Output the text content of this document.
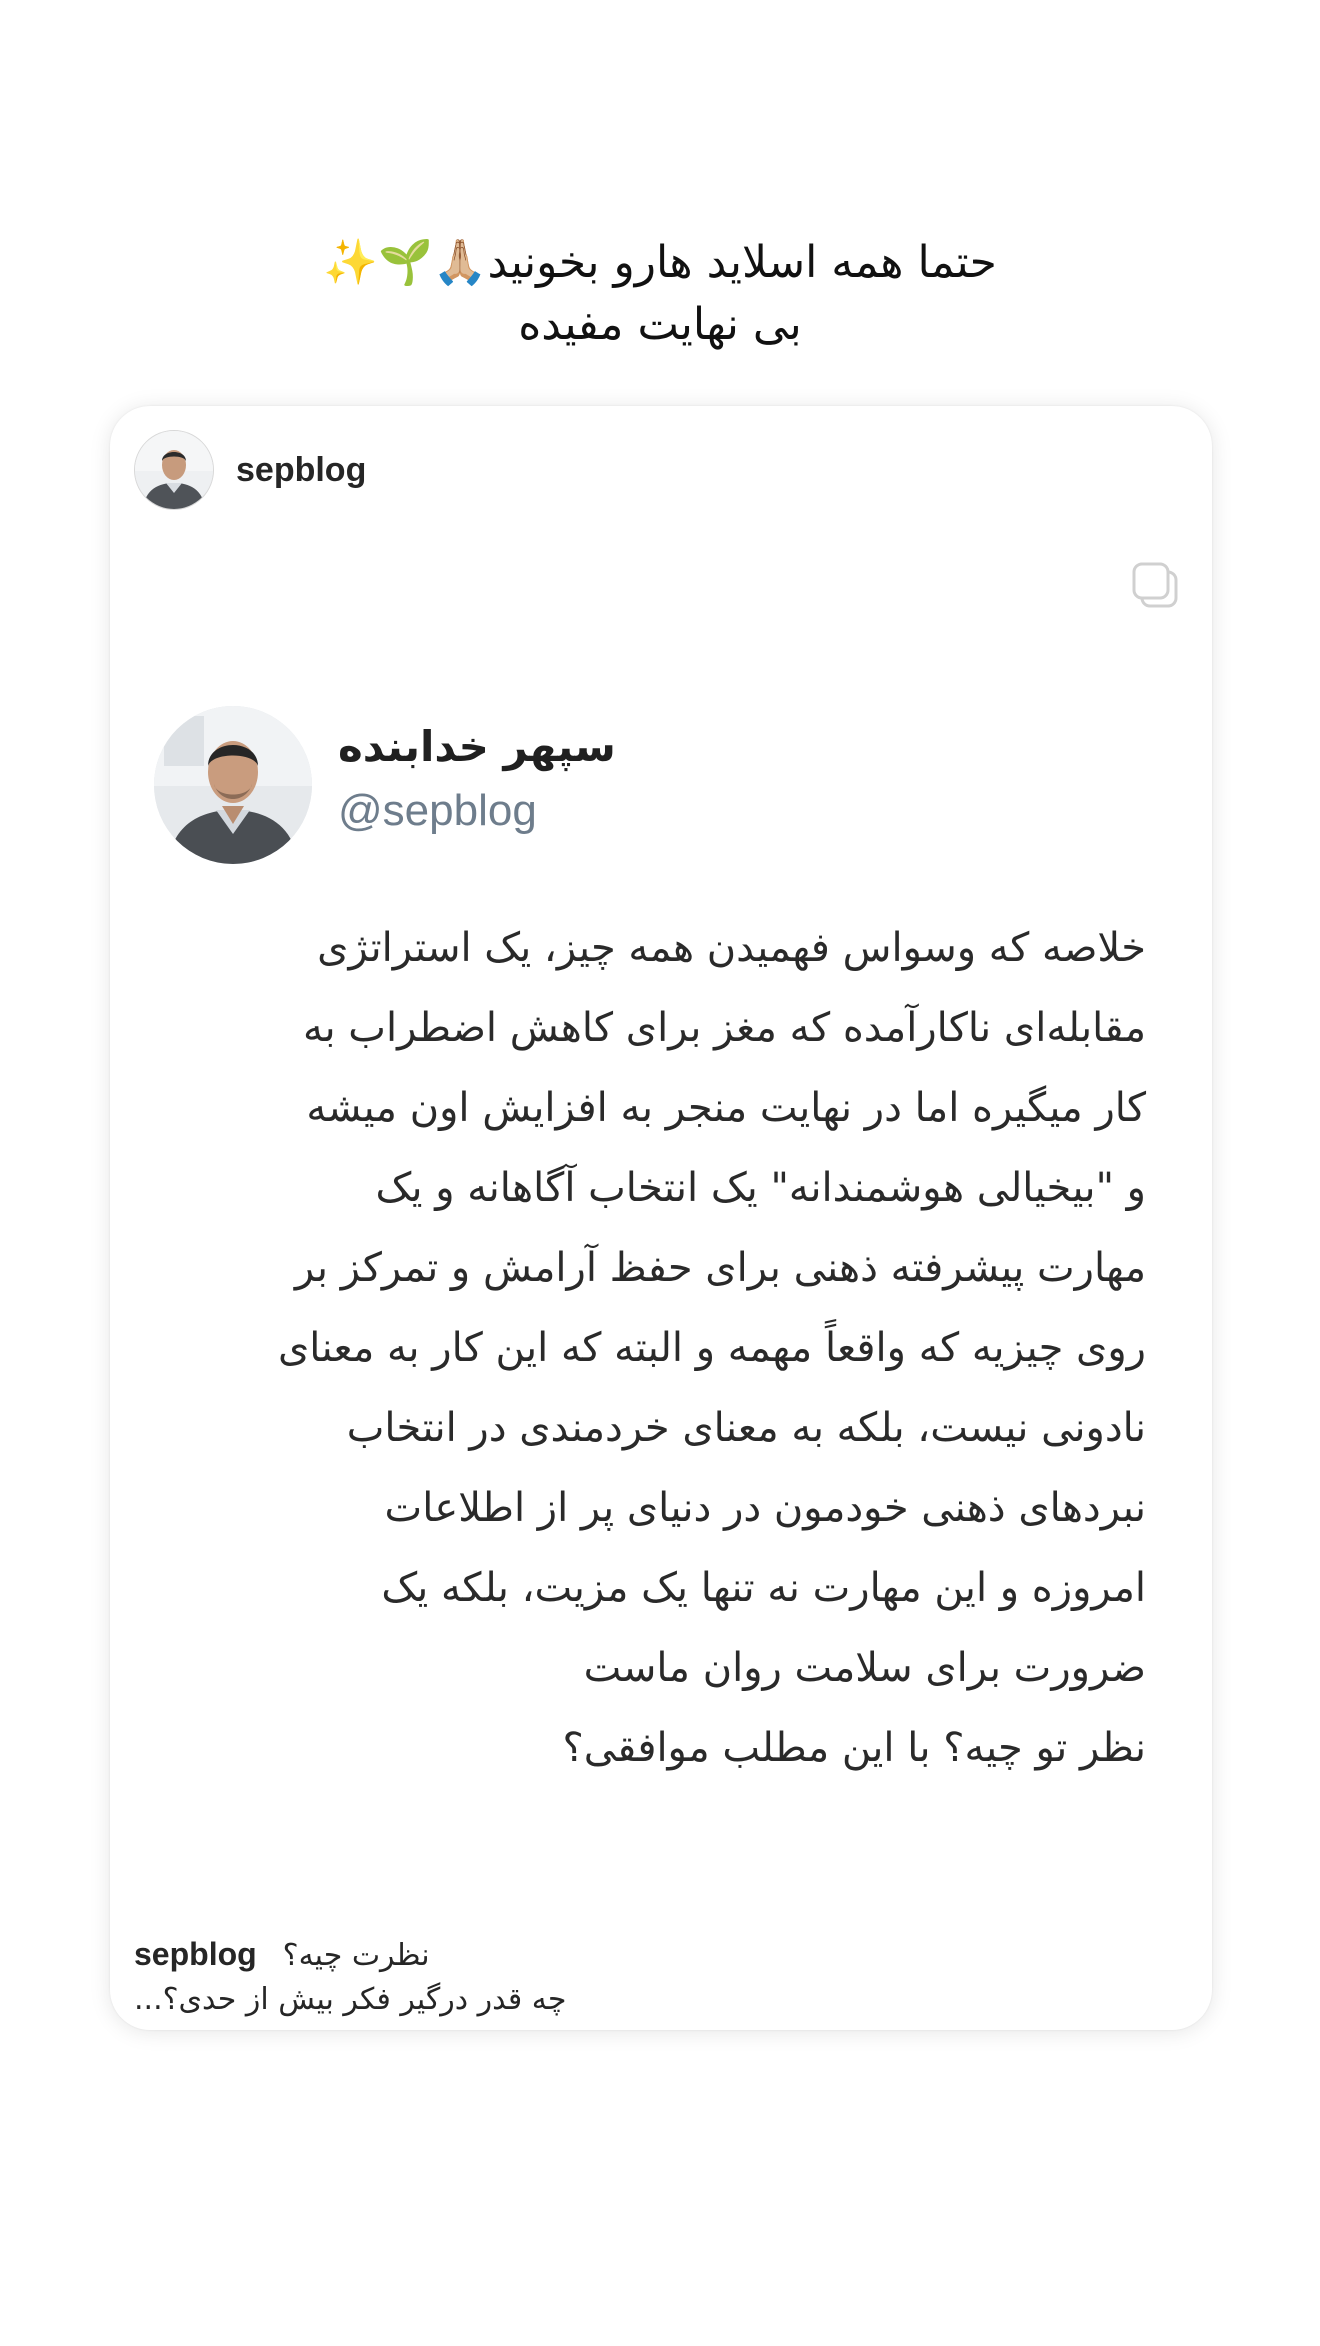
حتما همه اسلاید هارو بخونید🙏🏼🌱✨
بی نهایت مفیده
sepblog
سپهر خدابنده
@sepblog
خلاصه که وسواس فهمیدن همه چیز، یک استراتژی
مقابله‌ای ناکارآمده که مغز برای کاهش اضطراب به
کار میگیره اما در نهایت منجر به افزایش اون میشه
و "بیخیالی هوشمندانه" یک انتخاب آگاهانه و یک
مهارت پیشرفته ذهنی برای حفظ آرامش و تمرکز بر
روی چیزیه که واقعاً مهمه و البته که این کار به معنای
نادونی نیست، بلکه به معنای خردمندی در انتخاب
نبردهای ذهنی خودمون در دنیای پر از اطلاعات
امروزه و این مهارت نه تنها یک مزیت، بلکه یک
ضرورت برای سلامت روان ماست
نظر تو چیه؟ با این مطلب موافقی؟
sepblog نظرت چیه؟
چه قدر درگیر فکر بیش از حدی؟...
